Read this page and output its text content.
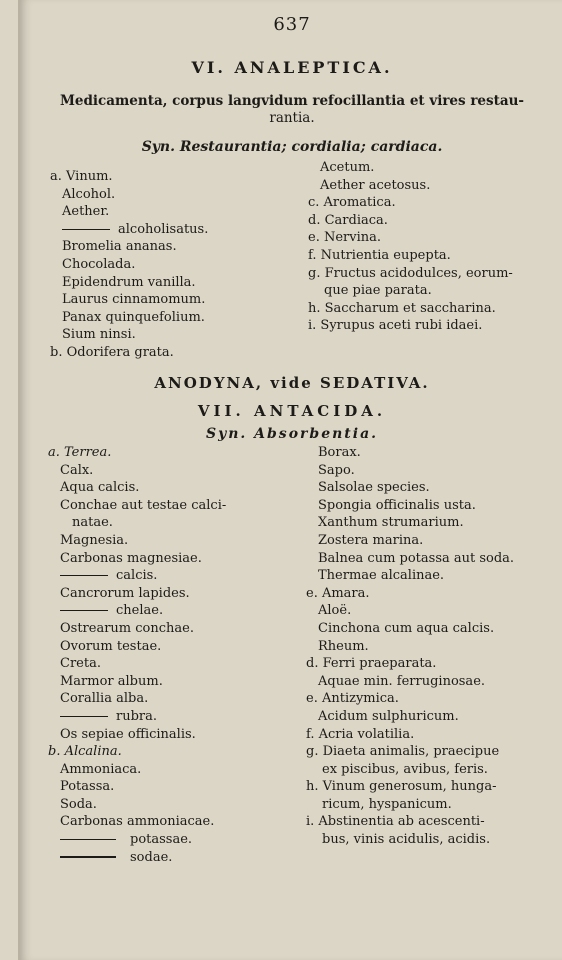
637
VI. ANALEPTICA.
Medicamenta, corpus langvidum refocillantia et vires restau-
rantia.
Syn. Restaurantia; cordialia; cardiaca.
a. Vinum.
Alcohol.
Aether.
alcoholisatus.
Bromelia ananas.
Chocolada.
Epidendrum vanilla.
Laurus cinnamomum.
Panax quinquefolium.
Sium ninsi.
b. Odorifera grata.
Acetum.
Aether acetosus.
c. Aromatica.
d. Cardiaca.
e. Nervina.
f. Nutrientia eupepta.
g. Fructus acidodulces, eorum-
que piae parata.
h. Saccharum et saccharina.
i. Syrupus aceti rubi idaei.
ANODYNA, vide SEDATIVA.
VII. ANTACIDA.
Syn. Absorbentia.
a. Terrea.
Calx.
Aqua calcis.
Conchae aut testae calci-
natae.
Magnesia.
Carbonas magnesiae.
calcis.
Cancrorum lapides.
chelae.
Ostrearum conchae.
Ovorum testae.
Creta.
Marmor album.
Corallia alba.
rubra.
Os sepiae officinalis.
b. Alcalina.
Ammoniaca.
Potassa.
Soda.
Carbonas ammoniacae.
potassae.
sodae.
Borax.
Sapo.
Salsolae species.
Spongia officinalis usta.
Xanthum strumarium.
Zostera marina.
Balnea cum potassa aut soda.
Thermae alcalinae.
e. Amara.
Aloë.
Cinchona cum aqua calcis.
Rheum.
d. Ferri praeparata.
Aquae min. ferruginosae.
e. Antizymica.
Acidum sulphuricum.
f. Acria volatilia.
g. Diaeta animalis, praecipue
ex piscibus, avibus, feris.
h. Vinum generosum, hunga-
ricum, hyspanicum.
i. Abstinentia ab acescenti-
bus, vinis acidulis, acidis.
